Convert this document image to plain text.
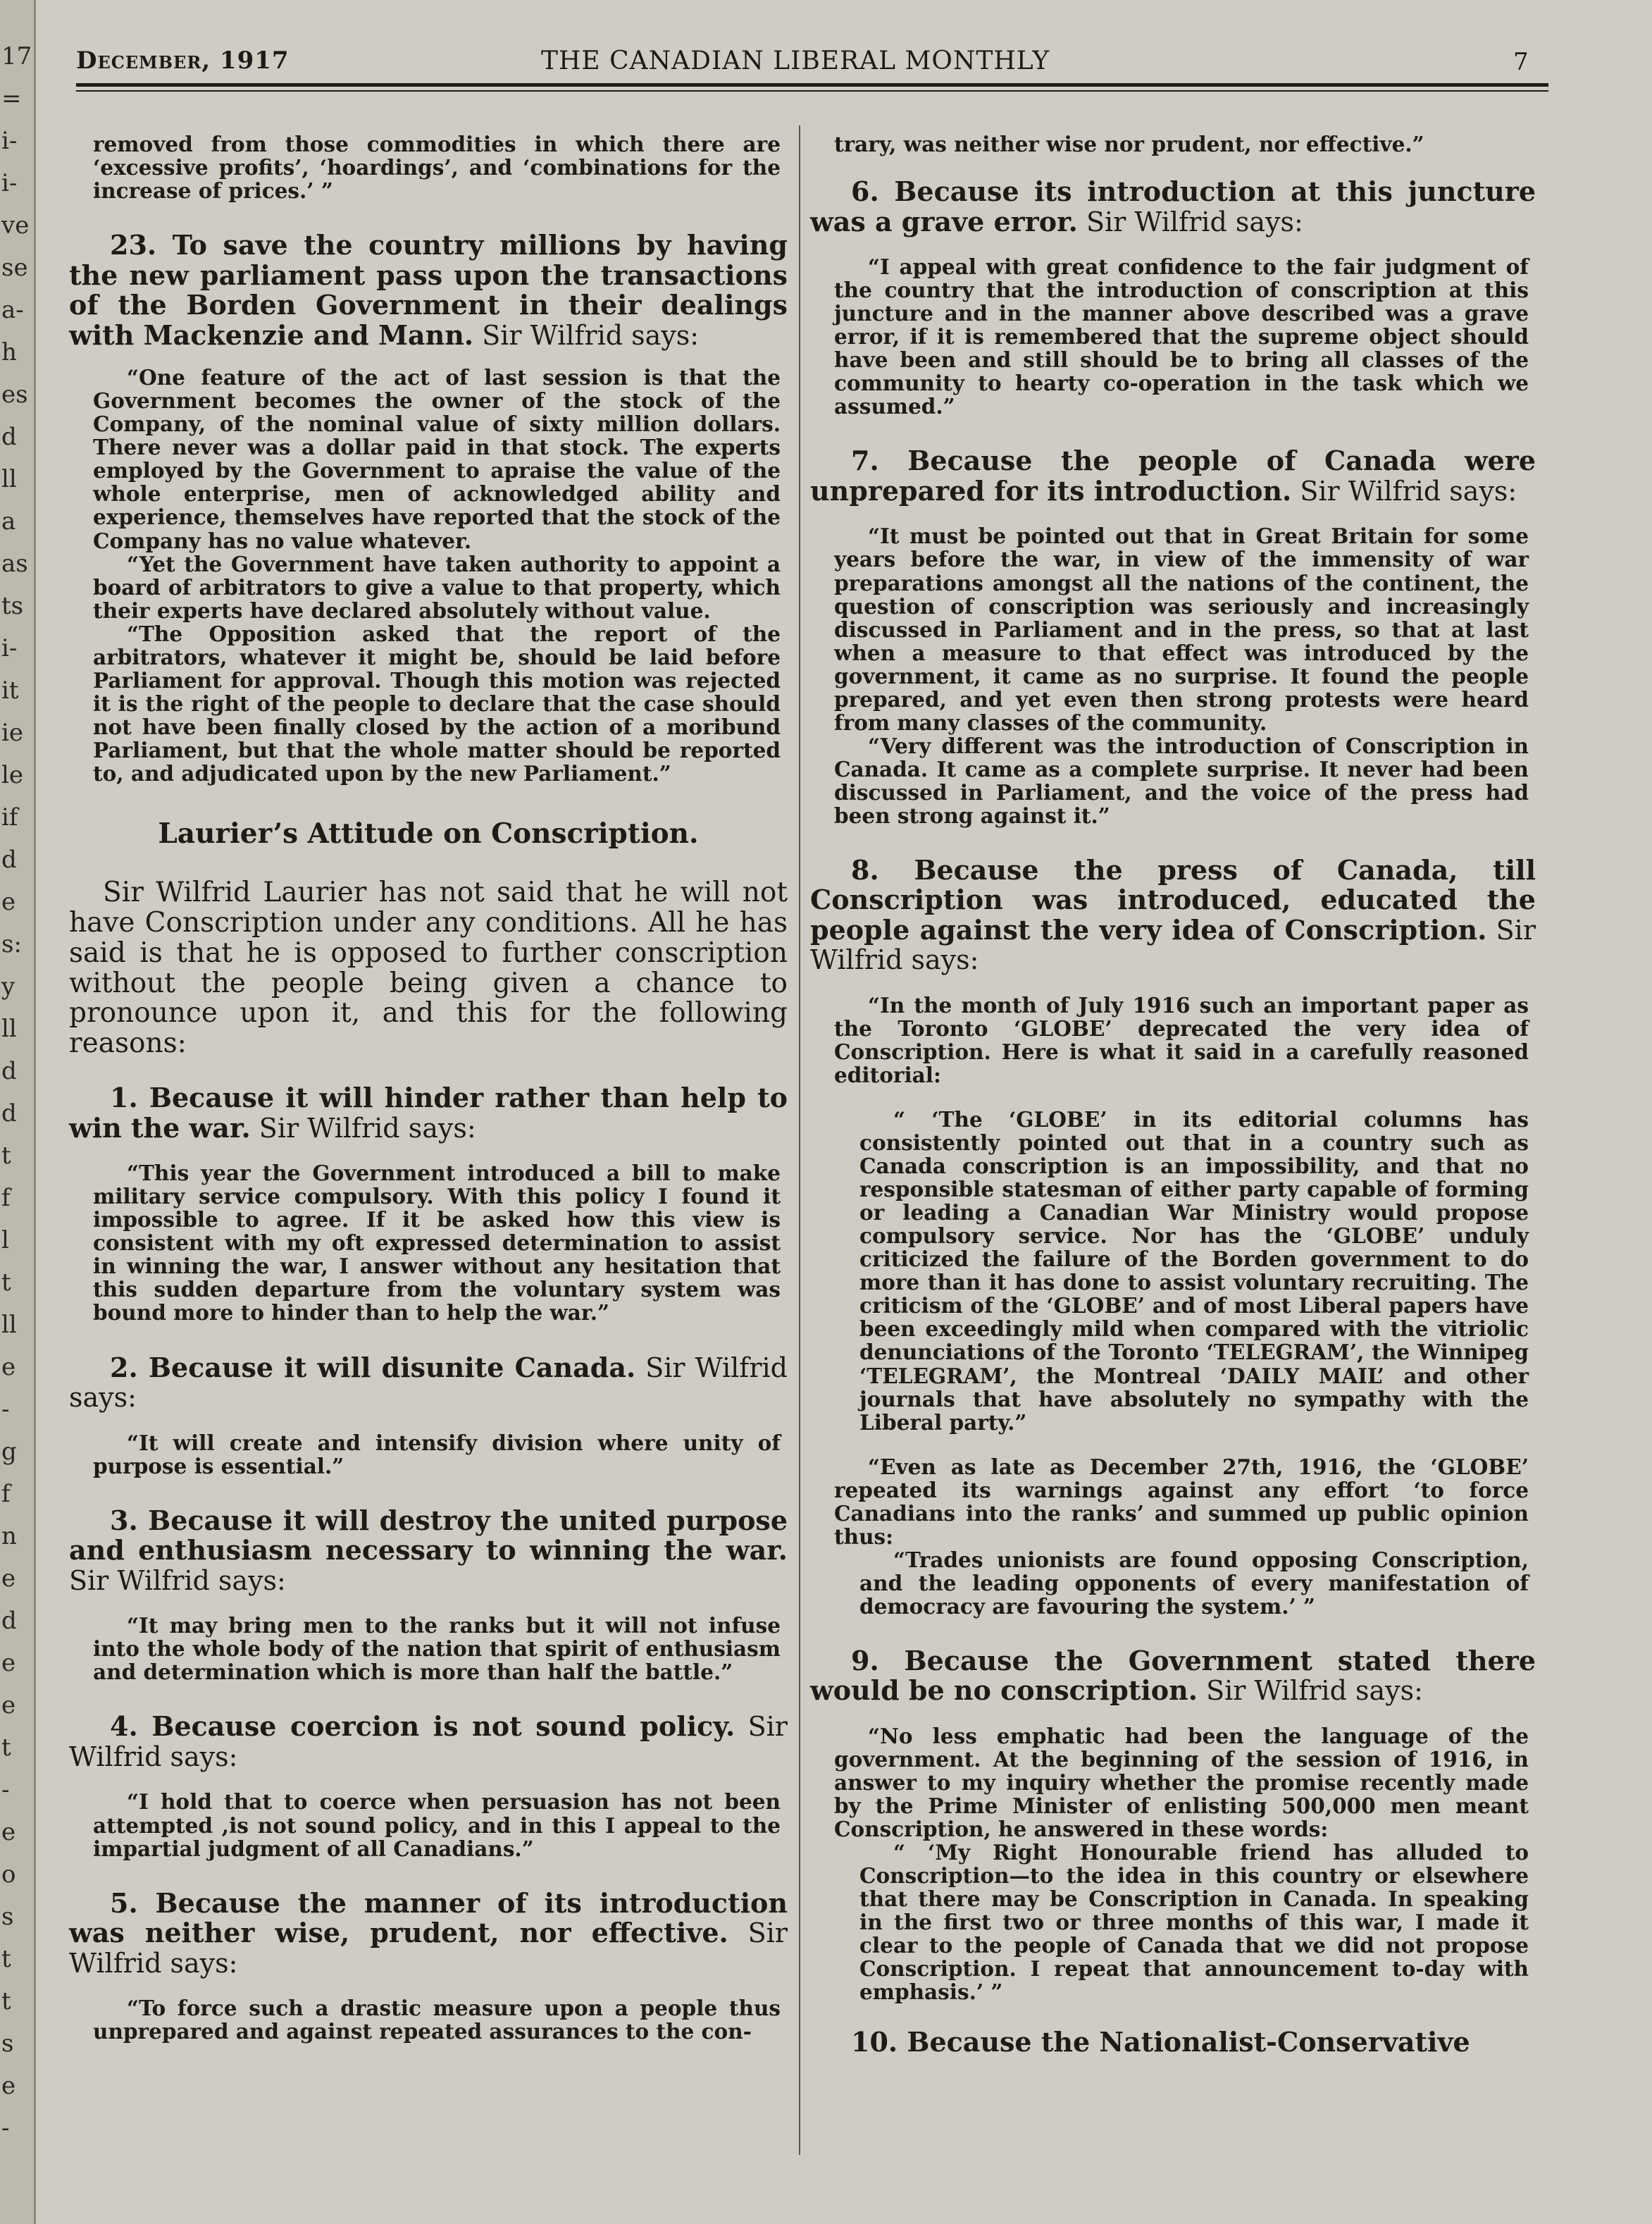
17
=
i-
i-
ve
se
a-
h
es
d
ll
a
as
ts
i-
it
ie
le
if
d
e
s:
y
ll
d
d
t
f
l
t
ll
e
-
g
f
n
e
d
e
e
t
-
e
o
s
t
t
s
e
-
December, 1917	THE CANADIAN LIBERAL MONTHLY	7

removed from those commodities in which there are ‘excessive profits’, ‘hoardings’, and ‘combinations for the increase of prices.’ ”

23. To save the country millions by having the new parliament pass upon the transactions of the Borden Government in their dealings with Mackenzie and Mann. Sir Wilfrid says:

“One feature of the act of last session is that the Government becomes the owner of the stock of the Company, of the nominal value of sixty million dollars. There never was a dollar paid in that stock. The experts employed by the Government to apraise the value of the whole enterprise, men of acknowledged ability and experience, themselves have reported that the stock of the Company has no value whatever.

“Yet the Government have taken authority to appoint a board of arbitrators to give a value to that property, which their experts have declared absolutely without value.

“The Opposition asked that the report of the arbitrators, whatever it might be, should be laid before Parliament for approval. Though this motion was rejected it is the right of the people to declare that the case should not have been finally closed by the action of a moribund Parliament, but that the whole matter should be reported to, and adjudicated upon by the new Parliament.”

Laurier’s Attitude on Conscription.

Sir Wilfrid Laurier has not said that he will not have Conscription under any conditions. All he has said is that he is opposed to further conscription without the people being given a chance to pronounce upon it, and this for the following reasons:

1. Because it will hinder rather than help to win the war. Sir Wilfrid says:

“This year the Government introduced a bill to make military service compulsory. With this policy I found it impossible to agree. If it be asked how this view is consistent with my oft expressed determination to assist in winning the war, I answer without any hesitation that this sudden departure from the voluntary system was bound more to hinder than to help the war.”

2. Because it will disunite Canada. Sir Wilfrid says:

“It will create and intensify division where unity of purpose is essential.”

3. Because it will destroy the united purpose and enthusiasm necessary to winning the war. Sir Wilfrid says:

“It may bring men to the ranks but it will not infuse into the whole body of the nation that spirit of enthusiasm and determination which is more than half the battle.”

4. Because coercion is not sound policy. Sir Wilfrid says:

“I hold that to coerce when persuasion has not been attempted ,is not sound policy, and in this I appeal to the impartial judgment of all Canadians.”

5. Because the manner of its introduction was neither wise, prudent, nor effective. Sir Wilfrid says:

“To force such a drastic measure upon a people thus unprepared and against repeated assurances to the con-

trary, was neither wise nor prudent, nor effective.”

6. Because its introduction at this juncture was a grave error. Sir Wilfrid says:

“I appeal with great confidence to the fair judgment of the country that the introduction of conscription at this juncture and in the manner above described was a grave error, if it is remembered that the supreme object should have been and still should be to bring all classes of the community to hearty co-operation in the task which we assumed.”

7. Because the people of Canada were unprepared for its introduction. Sir Wilfrid says:

“It must be pointed out that in Great Britain for some years before the war, in view of the immensity of war preparations amongst all the nations of the continent, the question of conscription was seriously and increasingly discussed in Parliament and in the press, so that at last when a measure to that effect was introduced by the government, it came as no surprise. It found the people prepared, and yet even then strong protests were heard from many classes of the community.

“Very different was the introduction of Conscription in Canada. It came as a complete surprise. It never had been discussed in Parliament, and the voice of the press had been strong against it.”

8. Because the press of Canada, till Conscription was introduced, educated the people against the very idea of Conscription. Sir Wilfrid says:

“In the month of July 1916 such an important paper as the Toronto ‘GLOBE’ deprecated the very idea of Conscription. Here is what it said in a carefully reasoned editorial:

“ ‘The ‘GLOBE’ in its editorial columns has consistently pointed out that in a country such as Canada conscription is an impossibility, and that no responsible statesman of either party capable of forming or leading a Canadian War Ministry would propose compulsory service. Nor has the ‘GLOBE’ unduly criticized the failure of the Borden government to do more than it has done to assist voluntary recruiting. The criticism of the ‘GLOBE’ and of most Liberal papers have been exceedingly mild when compared with the vitriolic denunciations of the Toronto ‘TELEGRAM’, the Winnipeg ‘TELEGRAM’, the Montreal ‘DAILY MAIL’ and other journals that have absolutely no sympathy with the Liberal party.”

“Even as late as December 27th, 1916, the ‘GLOBE’ repeated its warnings against any effort ‘to force Canadians into the ranks’ and summed up public opinion thus:

“Trades unionists are found opposing Conscription, and the leading opponents of every manifestation of democracy are favouring the system.’ ”

9. Because the Government stated there would be no conscription. Sir Wilfrid says:

“No less emphatic had been the language of the government. At the beginning of the session of 1916, in answer to my inquiry whether the promise recently made by the Prime Minister of enlisting 500,000 men meant Conscription, he answered in these words:

“ ‘My Right Honourable friend has alluded to Conscription—to the idea in this country or elsewhere that there may be Conscription in Canada. In speaking in the first two or three months of this war, I made it clear to the people of Canada that we did not propose Conscription. I repeat that announcement to-day with emphasis.’ ”

10. Because the Nationalist-Conservative
